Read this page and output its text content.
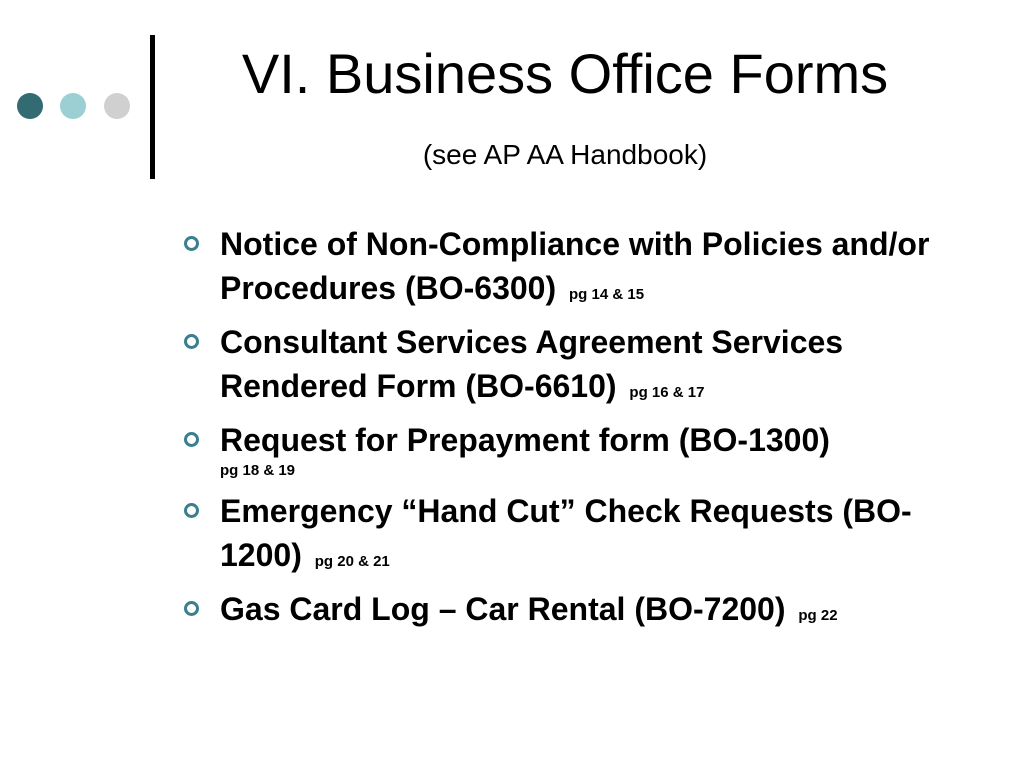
VI. Business Office Forms
(see AP AA Handbook)
Notice of Non-Compliance with Policies and/or Procedures (BO-6300) pg 14 & 15
Consultant Services Agreement Services Rendered Form (BO-6610) pg 16 & 17
Request for Prepayment form (BO-1300)
pg 18 & 19
Emergency “Hand Cut” Check Requests (BO-1200) pg 20 & 21
Gas Card Log – Car Rental (BO-7200) pg 22
